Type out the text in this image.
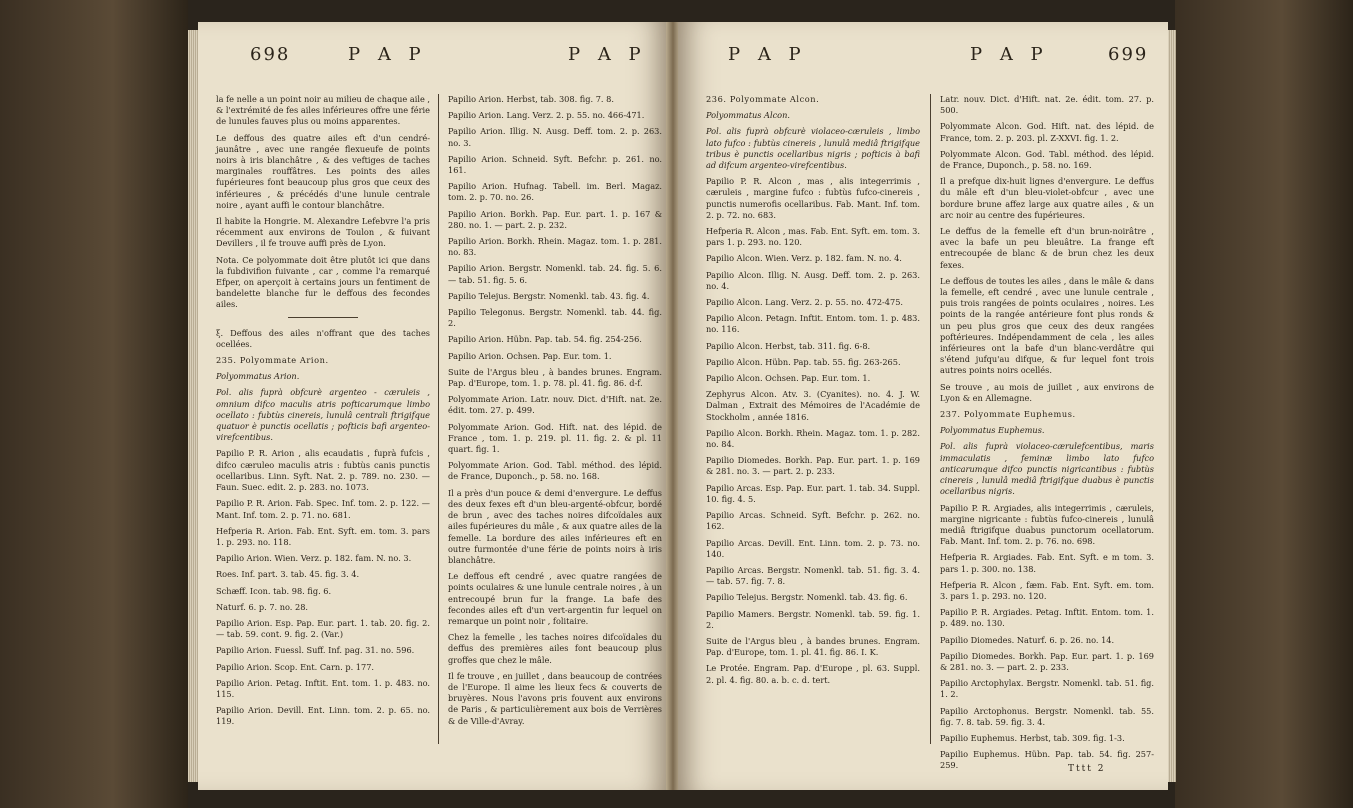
698	P A P	P A P

la fe nelle a un point noir au milieu de chaque aile , & l'extrémité de fes ailes inférieures offre une férie de lunules fauves plus ou moins apparentes.

Le deffous des quatre ailes eft d'un cendré-jaunâtre , avec une rangée flexueufe de points noirs à iris blanchâtre , & des veftiges de taches marginales rouffâtres. Les points des ailes fupérieures font beaucoup plus gros que ceux des inférieures , & précédés d'une lunule centrale noire , ayant auffi le contour blanchâtre.

Il habite la Hongrie. M. Alexandre Lefebvre l'a pris récemment aux environs de Toulon , & fuivant Devillers , il fe trouve auffi près de Lyon.

Nota. Ce polyommate doit être plutôt ici que dans la fubdivifion fuivante , car , comme l'a remarqué Efper, on aperçoit à certains jours un fentiment de bandelette blanche fur le deffous des fecondes ailes.

ξ. Deffous des ailes n'offrant que des taches ocellées.

235. Polyommate Arion.

Polyommatus Arion.

Pol. alis fuprà obfcurè argenteo - cæruleis , omnium difco maculis atris pofticarumque limbo ocellato : fubtùs cinereis, lunulâ centrali ftrigifque quatuor è punctis ocellatis ; pofticis bafi argenteo-virefcentibus.

Papilio P. R. Arion , alis ecaudatis , fuprà fufcis , difco cæruleo maculis atris : fubtùs canis punctis ocellaribus. Linn. Syft. Nat. 2. p. 789. no. 230. — Faun. Suec. edit. 2. p. 283. no. 1073.

Papilio P. R. Arion. Fab. Spec. Inf. tom. 2. p. 122. — Mant. Inf. tom. 2. p. 71. no. 681.

Hefperia R. Arion. Fab. Ent. Syft. em. tom. 3. pars 1. p. 293. no. 118.

Papilio Arion. Wien. Verz. p. 182. fam. N. no. 3.

Roes. Inf. part. 3. tab. 45. fig. 3. 4.

Schæff. Icon. tab. 98. fig. 6.

Naturf. 6. p. 7. no. 28.

Papilio Arion. Esp. Pap. Eur. part. 1. tab. 20. fig. 2. — tab. 59. cont. 9. fig. 2. (Var.)

Papilio Arion. Fuessl. Suff. Inf. pag. 31. no. 596.

Papilio Arion. Scop. Ent. Carn. p. 177.

Papilio Arion. Petag. Inftit. Ent. tom. 1. p. 483. no. 115.

Papilio Arion. Devill. Ent. Linn. tom. 2. p. 65. no. 119.

Papilio Arion. Herbst, tab. 308. fig. 7. 8.

Papilio Arion. Lang. Verz. 2. p. 55. no. 466-471.

Papilio Arion. Illig. N. Ausg. Deff. tom. 2. p. 263. no. 3.

Papilio Arion. Schneid. Syft. Befchr. p. 261. no. 161.

Papilio Arion. Hufnag. Tabell. im. Berl. Magaz. tom. 2. p. 70. no. 26.

Papilio Arion. Borkh. Pap. Eur. part. 1. p. 167 & 280. no. 1. — part. 2. p. 232.

Papilio Arion. Borkh. Rhein. Magaz. tom. 1. p. 281. no. 83.

Papilio Arion. Bergstr. Nomenkl. tab. 24. fig. 5. 6. — tab. 51. fig. 5. 6.

Papilio Telejus. Bergstr. Nomenkl. tab. 43. fig. 4.

Papilio Telegonus. Bergstr. Nomenkl. tab. 44. fig. 2.

Papilio Arion. Hübn. Pap. tab. 54. fig. 254-256.

Papilio Arion. Ochsen. Pap. Eur. tom. 1.

Suite de l'Argus bleu , à bandes brunes. Engram. Pap. d'Europe, tom. 1. p. 78. pl. 41. fig. 86. d-f.

Polyommate Arion. Latr. nouv. Dict. d'Hift. nat. 2e. édit. tom. 27. p. 499.

Polyommate Arion. God. Hift. nat. des lépid. de France , tom. 1. p. 219. pl. 11. fig. 2. & pl. 11 quart. fig. 1.

Polyommate Arion. God. Tabl. méthod. des lépid. de France, Duponch., p. 58. no. 168.

Il a près d'un pouce & demi d'envergure. Le deffus des deux fexes eft d'un bleu-argenté-obfcur, bordé de brun , avec des taches noires difcoïdales aux ailes fupérieures du mâle , & aux quatre ailes de la femelle. La bordure des ailes inférieures eft en outre furmontée d'une férie de points noirs à iris blanchâtre.

Le deffous eft cendré , avec quatre rangées de points oculaires & une lunule centrale noires , à un entrecoupé brun fur la frange. La bafe des fecondes ailes eft d'un vert-argentin fur lequel on remarque un point noir , folitaire.

Chez la femelle , les taches noires difcoïdales du deffus des premières ailes font beaucoup plus groffes que chez le mâle.

Il fe trouve , en juillet , dans beaucoup de contrées de l'Europe. Il aime les lieux fecs & couverts de bruyères. Nous l'avons pris fouvent aux environs de Paris , & particulièrement aux bois de Verrières & de Ville-d'Avray.

P A P	P A P	699

236. Polyommate Alcon.

Polyommatus Alcon.

Pol. alis fuprà obfcurè violaceo-cæruleis , limbo lato fufco : fubtùs cinereis , lunulâ mediâ ftrigifque tribus è punctis ocellaribus nigris ; pofticis à bafi ad difcum argenteo-virefcentibus.

Papilio P. R. Alcon , mas , alis integerrimis , cæruleis , margine fufco : fubtùs fufco-cinereis , punctis numerofis ocellaribus. Fab. Mant. Inf. tom. 2. p. 72. no. 683.

Hefperia R. Alcon , mas. Fab. Ent. Syft. em. tom. 3. pars 1. p. 293. no. 120.

Papilio Alcon. Wien. Verz. p. 182. fam. N. no. 4.

Papilio Alcon. Illig. N. Ausg. Deff. tom. 2. p. 263. no. 4.

Papilio Alcon. Lang. Verz. 2. p. 55. no. 472-475.

Papilio Alcon. Petagn. Inftit. Entom. tom. 1. p. 483. no. 116.

Papilio Alcon. Herbst, tab. 311. fig. 6-8.

Papilio Alcon. Hübn. Pap. tab. 55. fig. 263-265.

Papilio Alcon. Ochsen. Pap. Eur. tom. 1.

Zephyrus Alcon. Atv. 3. (Cyanites). no. 4. J. W. Dalman , Extrait des Mémoires de l'Académie de Stockholm , année 1816.

Papilio Alcon. Borkh. Rhein. Magaz. tom. 1. p. 282. no. 84.

Papilio Diomedes. Borkh. Pap. Eur. part. 1. p. 169 & 281. no. 3. — part. 2. p. 233.

Papilio Arcas. Esp. Pap. Eur. part. 1. tab. 34. Suppl. 10. fig. 4. 5.

Papilio Arcas. Schneid. Syft. Befchr. p. 262. no. 162.

Papilio Arcas. Devill. Ent. Linn. tom. 2. p. 73. no. 140.

Papilio Arcas. Bergstr. Nomenkl. tab. 51. fig. 3. 4. — tab. 57. fig. 7. 8.

Papilio Telejus. Bergstr. Nomenkl. tab. 43. fig. 6.

Papilio Mamers. Bergstr. Nomenkl. tab. 59. fig. 1. 2.

Suite de l'Argus bleu , à bandes brunes. Engram. Pap. d'Europe, tom. 1. pl. 41. fig. 86. I. K.

Le Protée. Engram. Pap. d'Europe , pl. 63. Suppl. 2. pl. 4. fig. 80. a. b. c. d. tert.

Latr. nouv. Dict. d'Hift. nat. 2e. édit. tom. 27. p. 500.

Polyommate Alcon. God. Hift. nat. des lépid. de France, tom. 2. p. 203. pl. Z-XXVI. fig. 1. 2.

Polyommate Alcon. God. Tabl. méthod. des lépid. de France, Duponch., p. 58. no. 169.

Il a prefque dix-huit lignes d'envergure. Le deffus du mâle eft d'un bleu-violet-obfcur , avec une bordure brune affez large aux quatre ailes , & un arc noir au centre des fupérieures.

Le deffus de la femelle eft d'un brun-noirâtre , avec la bafe un peu bleuâtre. La frange eft entrecoupée de blanc & de brun chez les deux fexes.

Le deffous de toutes les ailes , dans le mâle & dans la femelle, eft cendré , avec une lunule centrale , puis trois rangées de points oculaires , noires. Les points de la rangée antérieure font plus ronds & un peu plus gros que ceux des deux rangées poftérieures. Indépendamment de cela , les ailes inférieures ont la bafe d'un blanc-verdâtre qui s'étend jufqu'au difque, & fur lequel font trois autres points noirs ocellés.

Se trouve , au mois de juillet , aux environs de Lyon & en Allemagne.

237. Polyommate Euphemus.

Polyommatus Euphemus.

Pol. alis fuprà violaceo-cærulefcentibus, maris immaculatis , feminæ limbo lato fufco anticarumque difco punctis nigricantibus : fubtùs cinereis , lunulâ mediâ ftrigifque duabus è punctis ocellaribus nigris.

Papilio P. R. Argiades, alis integerrimis , cæruleis, margine nigricante : fubtùs fufco-cinereis , lunulâ mediâ ftrigifque duabus punctorum ocellatorum. Fab. Mant. Inf. tom. 2. p. 76. no. 698.

Hefperia R. Argiades. Fab. Ent. Syft. e m tom. 3. pars 1. p. 300. no. 138.

Hefperia R. Alcon , fæm. Fab. Ent. Syft. em. tom. 3. pars 1. p. 293. no. 120.

Papilio P. R. Argiades. Petag. Inftit. Entom. tom. 1. p. 489. no. 130.

Papilio Diomedes. Naturf. 6. p. 26. no. 14.

Papilio Diomedes. Borkh. Pap. Eur. part. 1. p. 169 & 281. no. 3. — part. 2. p. 233.

Papilio Arctophylax. Bergstr. Nomenkl. tab. 51. fig. 1. 2.

Papilio Arctophonus. Bergstr. Nomenkl. tab. 55. fig. 7. 8. tab. 59. fig. 3. 4.

Papilio Euphemus. Herbst, tab. 309. fig. 1-3.

Papilio Euphemus. Hübn. Pap. tab. 54. fig. 257-259.	Tttt 2
